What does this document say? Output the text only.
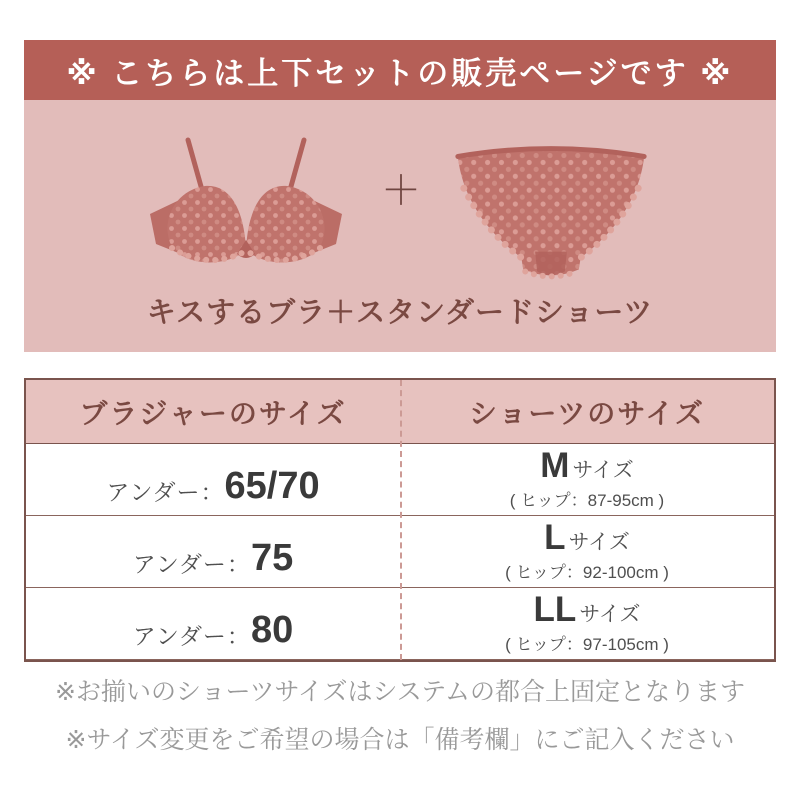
※ こちらは上下セットの販売ページです ※
＋
キスするブラ＋スタンダードショーツ
ブラジャーのサイズ	ショーツのサイズ
アンダー： 65/70	M サイズ
( ヒップ：87-95cm )
アンダー： 75	L サイズ
( ヒップ：92-100cm )
アンダー： 80	LL サイズ
( ヒップ：97-105cm )
※お揃いのショーツサイズはシステムの都合上固定となります
※サイズ変更をご希望の場合は「備考欄」にご記入ください
